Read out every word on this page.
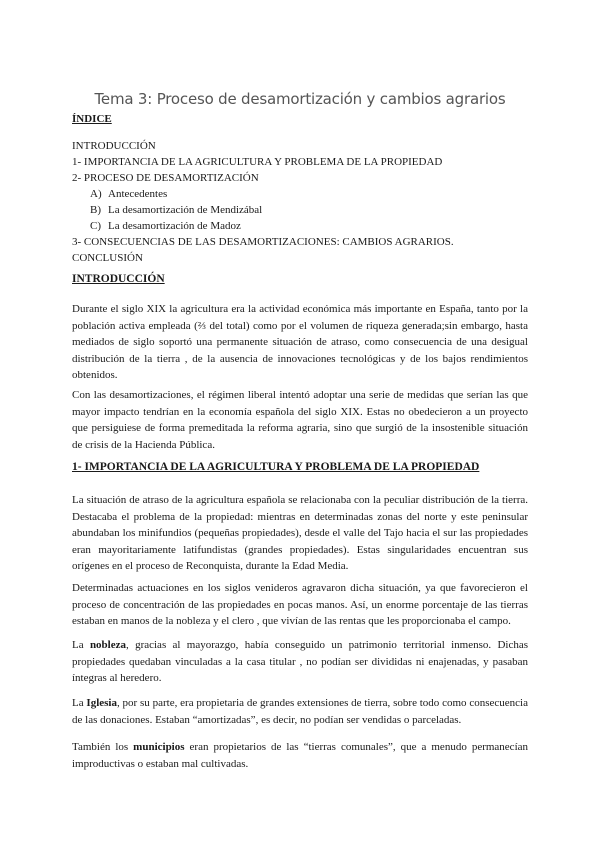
Tema 3: Proceso de desamortización y cambios agrarios
ÍNDICE
INTRODUCCIÓN
1- IMPORTANCIA DE LA AGRICULTURA Y PROBLEMA DE LA PROPIEDAD
2- PROCESO DE DESAMORTIZACIÓN
A) Antecedentes
B) La desamortización de Mendizábal
C) La desamortización de Madoz
3- CONSECUENCIAS DE LAS DESAMORTIZACIONES: CAMBIOS AGRARIOS.
CONCLUSIÓN
INTRODUCCIÓN

Durante el siglo XIX la agricultura era la actividad económica más importante en España, tanto por la población activa empleada (⅔ del total) como por el volumen de riqueza generada;sin embargo, hasta mediados de siglo soportó una permanente situación de atraso, como consecuencia de una desigual distribución de la tierra , de la ausencia de innovaciones tecnológicas y de los bajos rendimientos obtenidos.

Con las desamortizaciones, el régimen liberal intentó adoptar una serie de medidas que serían las que mayor impacto tendrían en la economía española del siglo XIX. Estas no obedecieron a un proyecto que persiguiese de forma premeditada la reforma agraria, sino que surgió de la insostenible situación de crisis de la Hacienda Pública.

1- IMPORTANCIA DE LA AGRICULTURA Y PROBLEMA DE LA PROPIEDAD

La situación de atraso de la agricultura española se relacionaba con la peculiar distribución de la tierra. Destacaba el problema de la propiedad: mientras en determinadas zonas del norte y este peninsular abundaban los minifundios (pequeñas propiedades), desde el valle del Tajo hacia el sur las propiedades eran mayoritariamente latifundistas (grandes propiedades). Estas singularidades encuentran sus orígenes en el proceso de Reconquista, durante la Edad Media.

Determinadas actuaciones en los siglos venideros agravaron dicha situación, ya que favorecieron el proceso de concentración de las propiedades en pocas manos. Así, un enorme porcentaje de las tierras estaban en manos de la nobleza y el clero , que vivían de las rentas que les proporcionaba el campo.

La nobleza, gracias al mayorazgo, había conseguido un patrimonio territorial inmenso. Dichas propiedades quedaban vinculadas a la casa titular , no podían ser divididas ni enajenadas, y pasaban íntegras al heredero.

La Iglesia, por su parte, era propietaria de grandes extensiones de tierra, sobre todo como consecuencia de las donaciones. Estaban “amortizadas”, es decir, no podían ser vendidas o parceladas.

También los municipios eran propietarios de las “tierras comunales”, que a menudo permanecían improductivas o estaban mal cultivadas.
